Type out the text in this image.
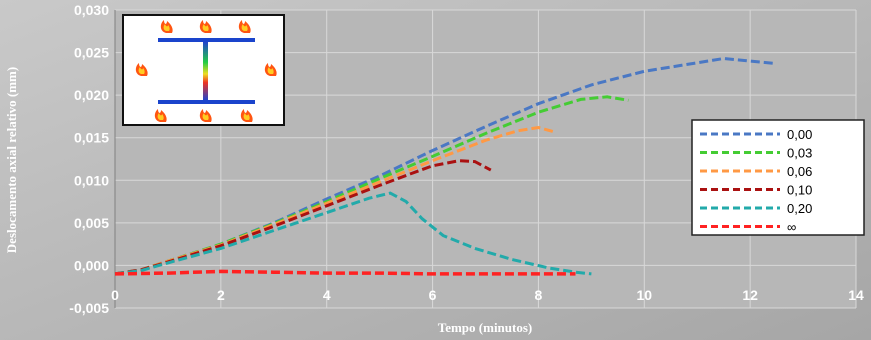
-0,005
0,000
0,005
0,010
0,015
0,020
0,025
0,030
0	2	4	6	8	10	12	14
Tempo (minutos)
Deslocamento axial relativo (mm)	0,00
0,03
0,06
0,10
0,20
∞
